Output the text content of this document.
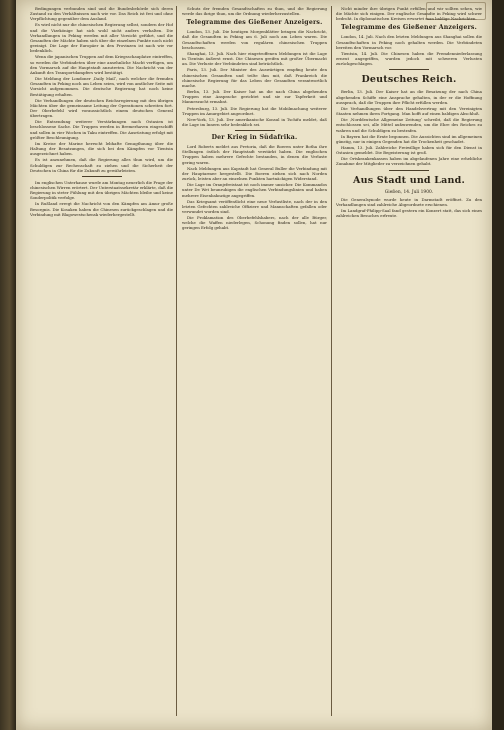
Bedingungen verbunden sind und die Bundesbehörde sich deren Zustand zu den Verhältnissen nach wie vor. Das Reich ist frei und ohne Verpflichtung gegenüber dem Ausland.

Es wird nicht nur die chinesischen Regierung selbst, sondern der Hof und die Vizekönige hat sich wohl nicht anders verhalten. Die Verhandlungen in Peking werden mit aller Vorsicht geführt, und die Gesandten der Mächte haben sich über die einzelnen Punkte noch nicht geeinigt. Die Lage der Europäer in den Provinzen ist nach wie vor bedenklich.

Wenn die japanischen Truppen auf dem Kriegsschauplatze eintreffen, so werden die Verbündeten über eine ansehnliche Macht verfügen, um den Vormarsch auf die Hauptstadt anzutreten. Die Nachricht von der Ankunft des Transportdampfers wird bestätigt.

Die Meldung der Londoner ‚Daily Mail‘, nach welcher die fremden Gesandten in Peking noch am Leben seien, wird von amtlicher Seite mit Vorsicht aufgenommen. Die deutsche Regierung hat noch keine Bestätigung erhalten.

Die Verhandlungen der deutschen Reichsregierung mit den übrigen Mächten über die gemeinsame Leitung der Operationen schreiten fort. Der Oberbefehl wird voraussichtlich einem deutschen General übertragen.

Die Entsendung weiterer Verstärkungen nach Ostasien ist beschlossene Sache. Die Truppen werden in Bremerhaven eingeschifft und sollen in vier Wochen in Taku eintreffen. Die Ausrüstung erfolgt mit größter Beschleunigung.

Im Kreise der Marine herrscht lebhafte Genugthuung über die Haltung der Besatzungen, die sich bei den Kämpfen vor Tientsin ausgezeichnet haben.

Es ist anzunehmen, daß die Regierung alles thun wird, um die Schuldigen zur Rechenschaft zu ziehen und die Sicherheit der Deutschen in China für die Zukunft zu gewährleisten.

Im englischen Unterhause wurde am Montag neuerlich die Frage der chinesischen Wirren erörtert. Der Unterstaatssekretär erklärte, daß die Regierung in steter Fühlung mit den übrigen Mächten bleibe und keine Sonderpolitik verfolge.

In Rußland erregt die Nachricht von den Kämpfen am Amur große Besorgnis. Die Kosaken haben die Chinesen zurückgeschlagen und die Verbindung mit Blagowestschensk wiederhergestellt.

Schutz der fremden Gesandtschaften zu thun, und die Regierung werde das ihrige thun, um die Ordnung wiederherzustellen.

Telegramme des Gießener Anzeigers.

London, 13. Juli. Die heutigen Morgenblätter bringen die Nachricht, daß die Gesandten in Peking am 6. Juli noch am Leben waren. Die Gesandtschaften werden von regulären chinesischen Truppen beschossen.

Shanghai, 13. Juli. Nach hier eingetroffenen Meldungen ist die Lage in Tientsin äußerst ernst. Die Chinesen greifen mit großer Übermacht an. Die Verluste der Verbündeten sind beträchtlich.

Paris, 13. Juli. Der Minister des Auswärtigen empfing heute den chinesischen Gesandten und teilte ihm mit, daß Frankreich die chinesische Regierung für das Leben der Gesandten verantwortlich mache.

Berlin, 13. Juli. Der Kaiser hat an die nach China abgehenden Truppen eine Ansprache gerichtet und sie zur Tapferkeit und Manneszucht ermahnt.

Petersburg, 13. Juli. Die Regierung hat die Mobilmachung weiterer Truppen im Amurgebiet angeordnet.

New-York, 13. Juli. Der amerikanische Konsul in Tschifu meldet, daß die Lage im Innern sehr bedenklich sei.

Der Krieg in Südafrika.

Lord Roberts meldet aus Pretoria, daß die Boeren unter Botha ihre Stellungen östlich der Hauptstadt verstärkt haben. Die englischen Truppen haben mehrere Gefechte bestanden, in denen die Verluste gering waren.

Nach Meldungen aus Kapstadt hat General Buller die Verbindung mit der Hauptarmee hergestellt. Die Boeren ziehen sich nach Norden zurück, leisten aber an einzelnen Punkten hartnäckigen Widerstand.

Die Lage im Oranjefreistaat ist noch immer unsicher. Die Kommandos unter De Wet beunruhigen die englischen Verbindungslinien und haben mehrere Eisenbahnzüge angegriffen.

Das Kriegsamt veröffentlicht eine neue Verlustliste, nach der in den letzten Gefechten zahlreiche Offiziere und Mannschaften gefallen oder verwundet worden sind.

Die Proklamation des Oberbefehlshabers, nach der alle Bürger, welche die Waffen niederlegen, Schonung finden sollen, hat nur geringen Erfolg gehabt.

Nicht minder ihre übrigen Punkt erfüllen und wir sollten sehen, wie die Mächte sich einigen. Der englische Gesandte in Peking wird schwer bedroht. In diplomatischen Kreisen erwartet man baldige Nachrichten.

Telegramme des Gießener Anzeigers.

London, 14. Juli. Nach den letzten Meldungen aus Shanghai sollen die Gesandtschaften in Peking noch gehalten werden. Die Verbündeten bereiten den Vormarsch vor.

Tientsin, 14. Juli. Die Chinesen haben die Fremdenniederlassung erneut angegriffen, wurden jedoch mit schweren Verlusten zurückgeschlagen.

Deutsches Reich.

Berlin, 13. Juli. Der Kaiser hat an die Besatzung der nach China abgehenden Schiffe eine Ansprache gehalten, in der er die Hoffnung aussprach, daß die Truppen ihre Pflicht erfüllen werden.

Die Verhandlungen über den Handelsvertrag mit den Vereinigten Staaten nehmen ihren Fortgang. Man hofft auf einen baldigen Abschluß.

Die ‚Norddeutsche Allgemeine Zeitung‘ schreibt, daß die Regierung entschlossen sei, alle Mittel aufzuwenden, um die Ehre des Reiches zu wahren und die Schuldigen zu bestrafen.

In Bayern hat die Ernte begonnen. Die Aussichten sind im allgemeinen günstig, nur in einigen Gegenden hat die Trockenheit geschadet.

Hamm, 13. Juli. Zahlreiche Freiwillige haben sich für den Dienst in Ostasien gemeldet. Die Begeisterung ist groß.

Die Ortskrankenkassen haben im abgelaufenen Jahre eine erhebliche Zunahme der Mitglieder zu verzeichnen gehabt.

Aus Stadt und Land.
Gießen, 14. Juli 1900.

Die Generalsynode wurde heute in Darmstadt eröffnet. Zu den Verhandlungen sind zahlreiche Abgeordnete erschienen.

Im Landgraf‑Philipp‑Saal fand gestern ein Konzert statt, das sich eines zahlreichen Besuches erfreute.
